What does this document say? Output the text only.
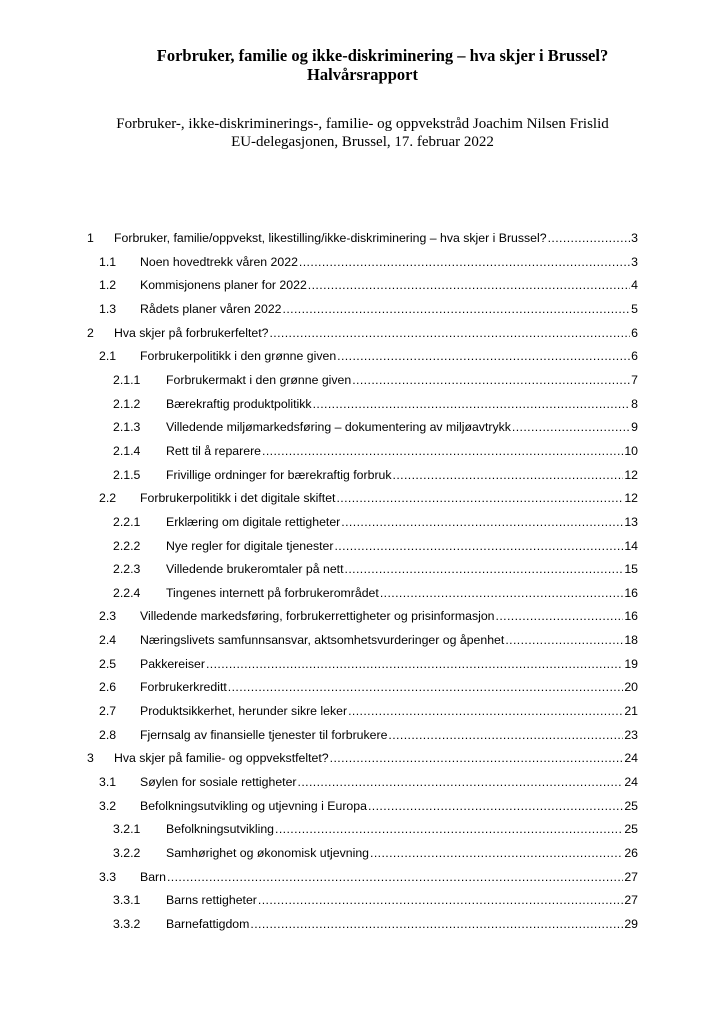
Forbruker, familie og ikke-diskriminering – hva skjer i Brussel?
Halvårsrapport
Forbruker-, ikke-diskriminerings-, familie- og oppvekstråd Joachim Nilsen Frislid
EU-delegasjonen, Brussel, 17. februar 2022
1 Forbruker, familie/oppvekst, likestilling/ikke-diskriminering – hva skjer i Brussel? .....	3
1.1 Noen hovedtrekk våren 2022 .....	3
1.2 Kommisjonens planer for 2022 .....	4
1.3 Rådets planer våren 2022 .....	5
2 Hva skjer på forbrukerfeltet? .....	6
2.1 Forbrukerpolitikk i den grønne given .....	6
2.1.1 Forbrukermakt i den grønne given .....	7
2.1.2 Bærekraftig produktpolitikk .....	8
2.1.3 Villedende miljømarkedsføring – dokumentering av miljøavtrykk .....	9
2.1.4 Rett til å reparere .....	10
2.1.5 Frivillige ordninger for bærekraftig forbruk .....	12
2.2 Forbrukerpolitikk i det digitale skiftet .....	12
2.2.1 Erklæring om digitale rettigheter .....	13
2.2.2 Nye regler for digitale tjenester .....	14
2.2.3 Villedende brukeromtaler på nett .....	15
2.2.4 Tingenes internett på forbrukerområdet .....	16
2.3 Villedende markedsføring, forbrukerrettigheter og prisinformasjon .....	16
2.4 Næringslivets samfunnsansvar, aktsomhetsvurderinger og åpenhet .....	18
2.5 Pakkereiser .....	19
2.6 Forbrukerkreditt .....	20
2.7 Produktsikkerhet, herunder sikre leker .....	21
2.8 Fjernsalg av finansielle tjenester til forbrukere .....	23
3 Hva skjer på familie- og oppvekstfeltet? .....	24
3.1 Søylen for sosiale rettigheter .....	24
3.2 Befolkningsutvikling og utjevning i Europa .....	25
3.2.1 Befolkningsutvikling .....	25
3.2.2 Samhørighet og økonomisk utjevning .....	26
3.3 Barn .....	27
3.3.1 Barns rettigheter .....	27
3.3.2 Barnefattigdom .....	29
